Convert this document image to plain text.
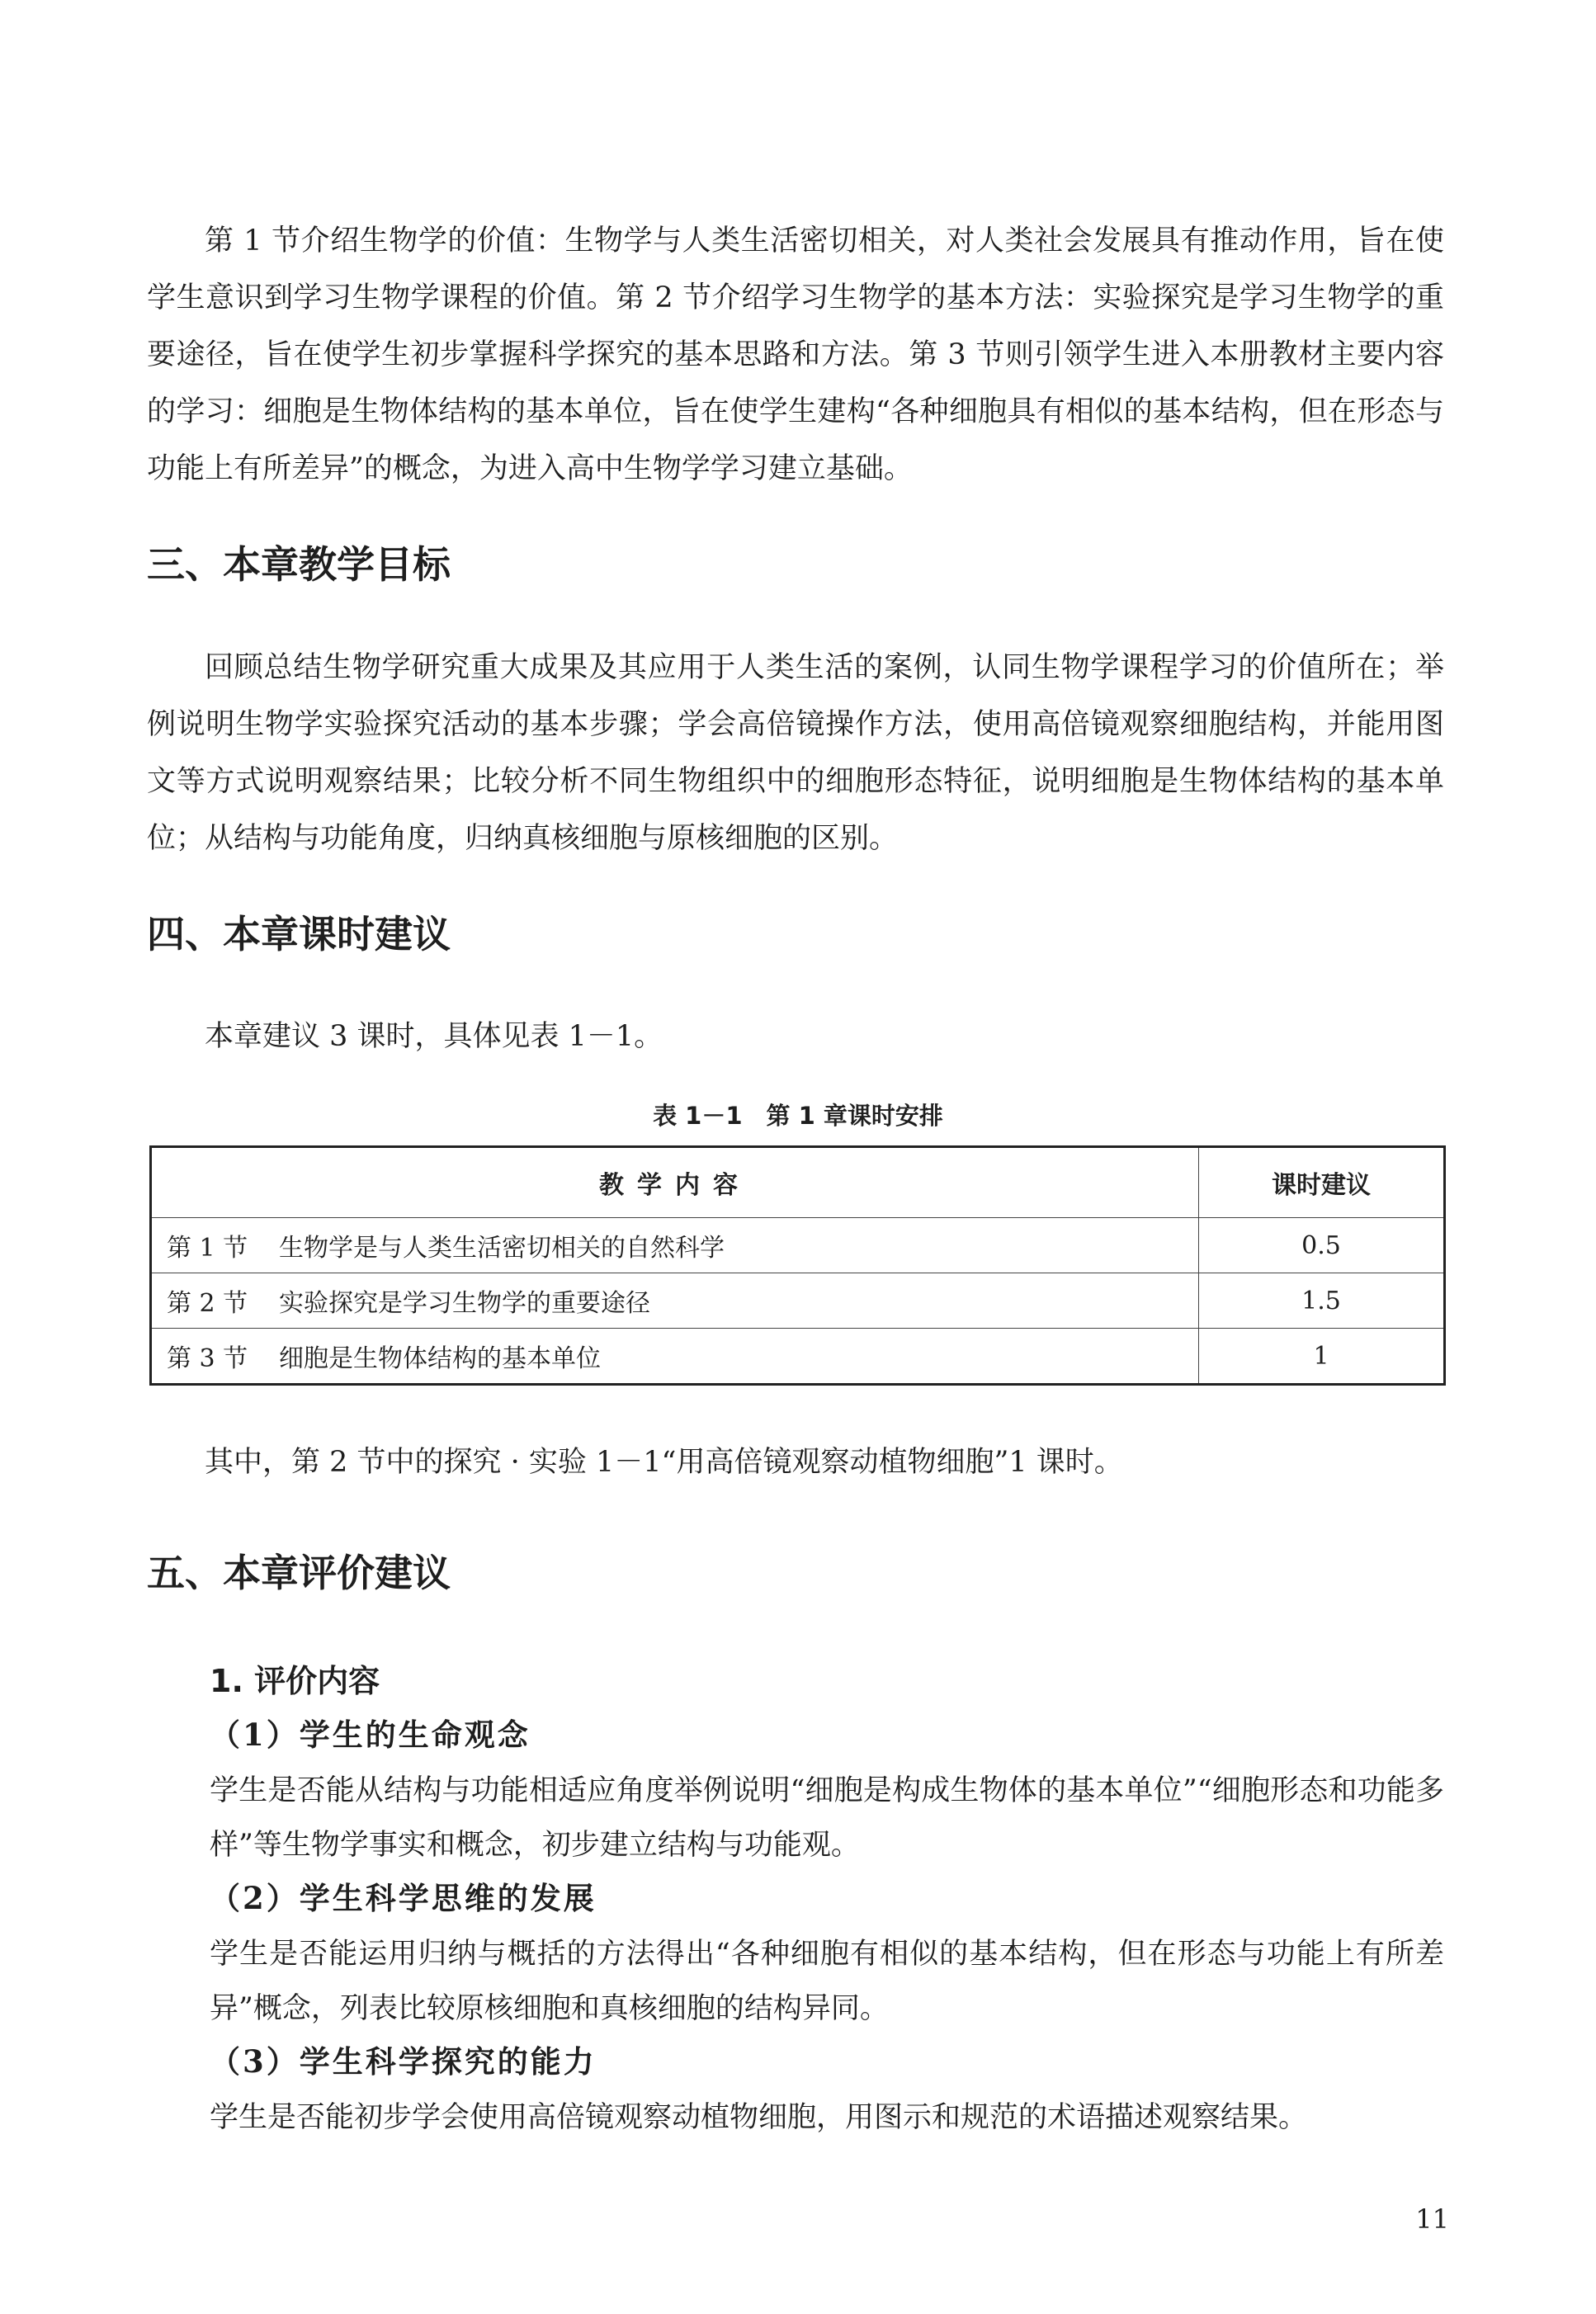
第 1 节介绍生物学的价值：生物学与人类生活密切相关，对人类社会发展具有推动作用，旨在使学生意识到学习生物学课程的价值。第 2 节介绍学习生物学的基本方法：实验探究是学习生物学的重要途径，旨在使学生初步掌握科学探究的基本思路和方法。第 3 节则引领学生进入本册教材主要内容的学习：细胞是生物体结构的基本单位，旨在使学生建构“各种细胞具有相似的基本结构，但在形态与功能上有所差异”的概念，为进入高中生物学学习建立基础。

三、本章教学目标

回顾总结生物学研究重大成果及其应用于人类生活的案例，认同生物学课程学习的价值所在；举例说明生物学实验探究活动的基本步骤；学会高倍镜操作方法，使用高倍镜观察细胞结构，并能用图文等方式说明观察结果；比较分析不同生物组织中的细胞形态特征，说明细胞是生物体结构的基本单位；从结构与功能角度，归纳真核细胞与原核细胞的区别。

四、本章课时建议

本章建议 3 课时，具体见表 1－1。

表 1－1　第 1 章课时安排

教学内容	课时建议
第 1 节 生物学是与人类生活密切相关的自然科学	0.5
第 2 节 实验探究是学习生物学的重要途径	1.5
第 3 节 细胞是生物体结构的基本单位	1

其中，第 2 节中的探究 · 实验 1－1“用高倍镜观察动植物细胞”1 课时。

五、本章评价建议
1. 评价内容
（1）学生的生命观念

学生是否能从结构与功能相适应角度举例说明“细胞是构成生物体的基本单位”“细胞形态和功能多样”等生物学事实和概念，初步建立结构与功能观。

（2）学生科学思维的发展

学生是否能运用归纳与概括的方法得出“各种细胞有相似的基本结构，但在形态与功能上有所差异”概念，列表比较原核细胞和真核细胞的结构异同。

（3）学生科学探究的能力

学生是否能初步学会使用高倍镜观察动植物细胞，用图示和规范的术语描述观察结果。

11
